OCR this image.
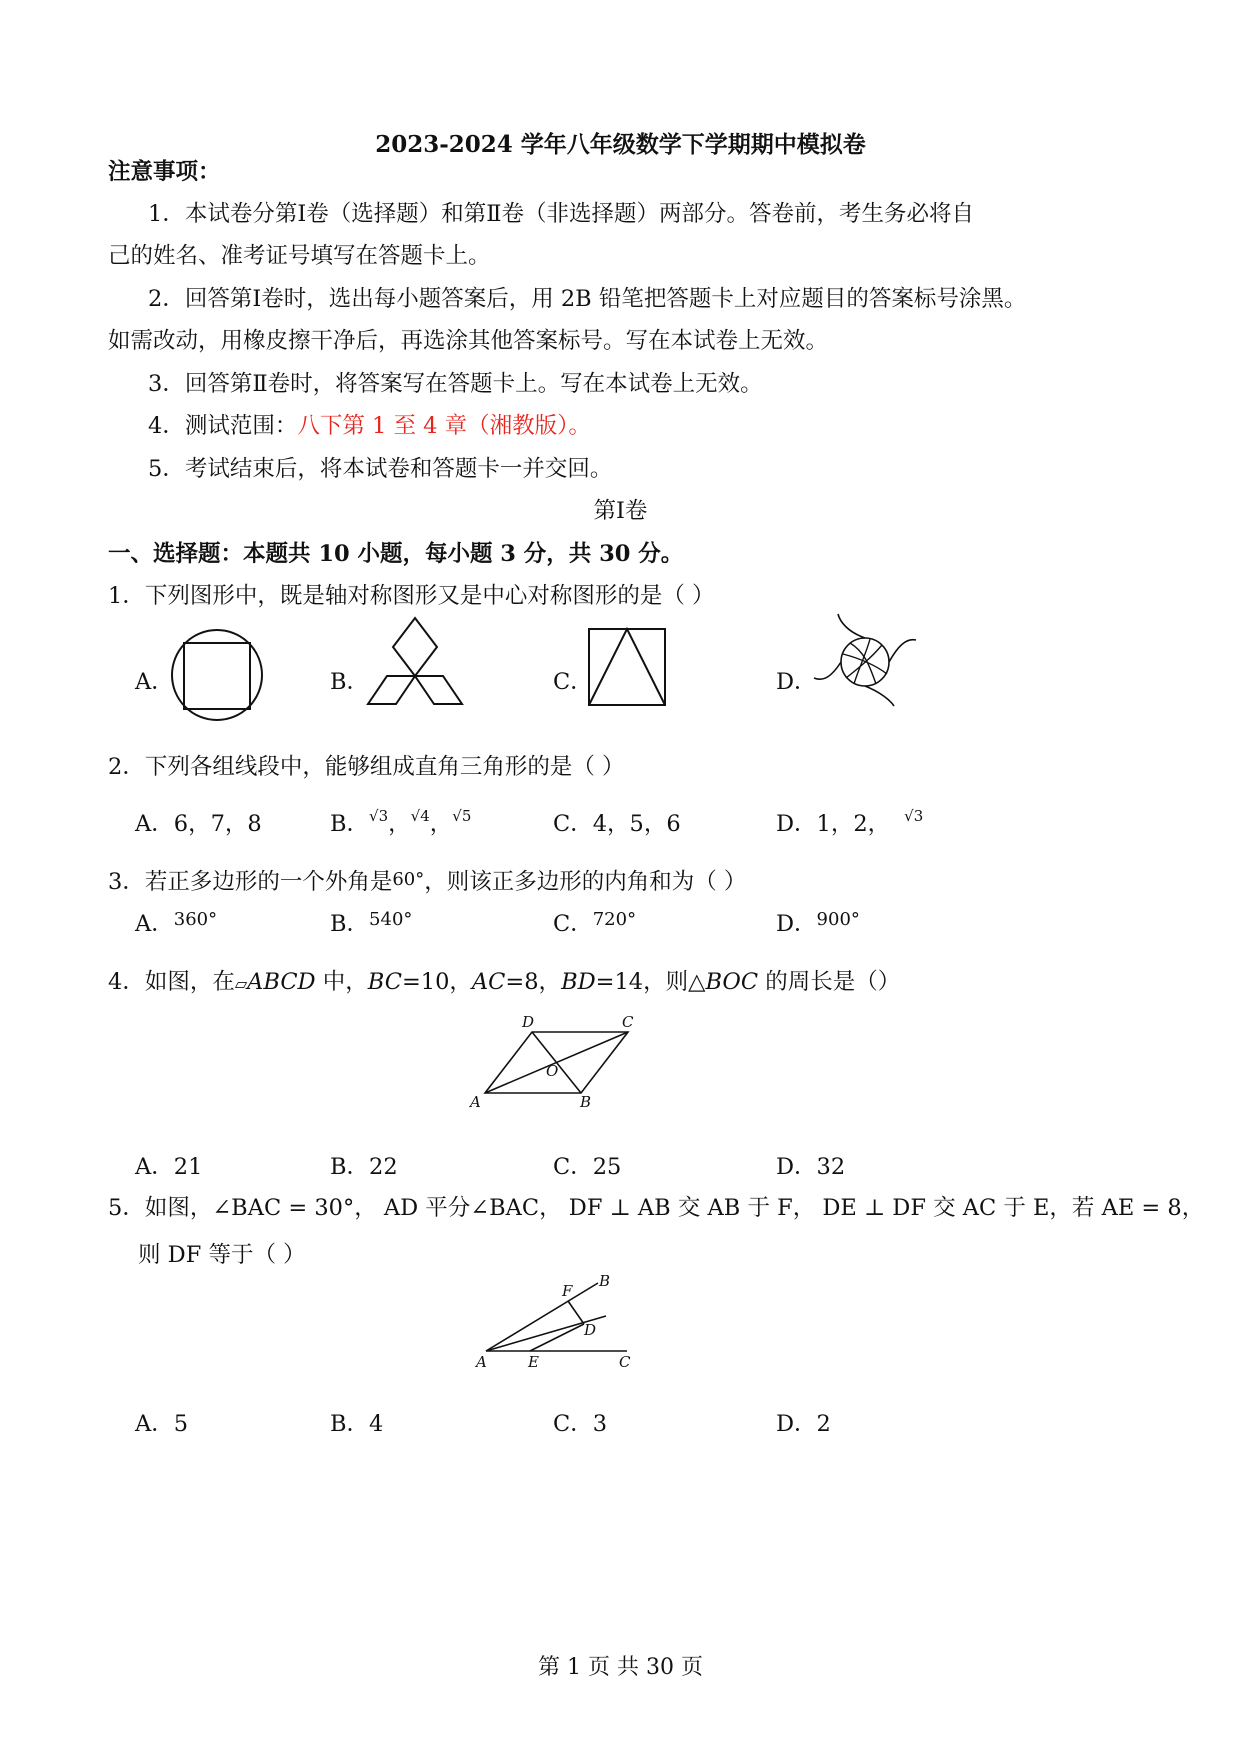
2023-2024 学年八年级数学下学期期中模拟卷
注意事项：
1．本试卷分第Ⅰ卷（选择题）和第Ⅱ卷（非选择题）两部分。答卷前，考生务必将自
己的姓名、准考证号填写在答题卡上。
2．回答第Ⅰ卷时，选出每小题答案后，用 2B 铅笔把答题卡上对应题目的答案标号涂黑。
如需改动，用橡皮擦干净后，再选涂其他答案标号。写在本试卷上无效。
3．回答第Ⅱ卷时，将答案写在答题卡上。写在本试卷上无效。
4．测试范围：八下第 1 至 4 章（湘教版）。
5．考试结束后，将本试卷和答题卡一并交回。
第Ⅰ卷
一、选择题：本题共 10 小题，每小题 3 分，共 30 分。
1．下列图形中，既是轴对称图形又是中心对称图形的是（ ）
A．	B．	C．	D．
2．下列各组线段中，能够组成直角三角形的是（ ）
A．6，7，8	B．$^{√3}$，$^{√4}$，$^{√5}$	C．4，5，6	D．1，2， $^{√3}$
3．若正多边形的一个外角是60°，则该正多边形的内角和为（ ）
A．$^{360^\circ}$	B．$^{540^\circ}$	C．$^{720^\circ}$	D．$^{900^\circ}$
4．如图，在▱ABCD 中，BC=10，AC=8，BD=14，则△BOC 的周长是（）
A	B
C
D
O
A．21	B．22	C．25	D．32
5．如图，∠BAC = 30°， AD 平分∠BAC， DF ⊥ AB 交 AB 于 F， DE ⊥ DF 交 AC 于 E，若 AE = 8，
则 DF 等于（ ）
A	E	C
D
F
B
A．5	B．4	C．3	D．2
第 1 页 共 30 页
